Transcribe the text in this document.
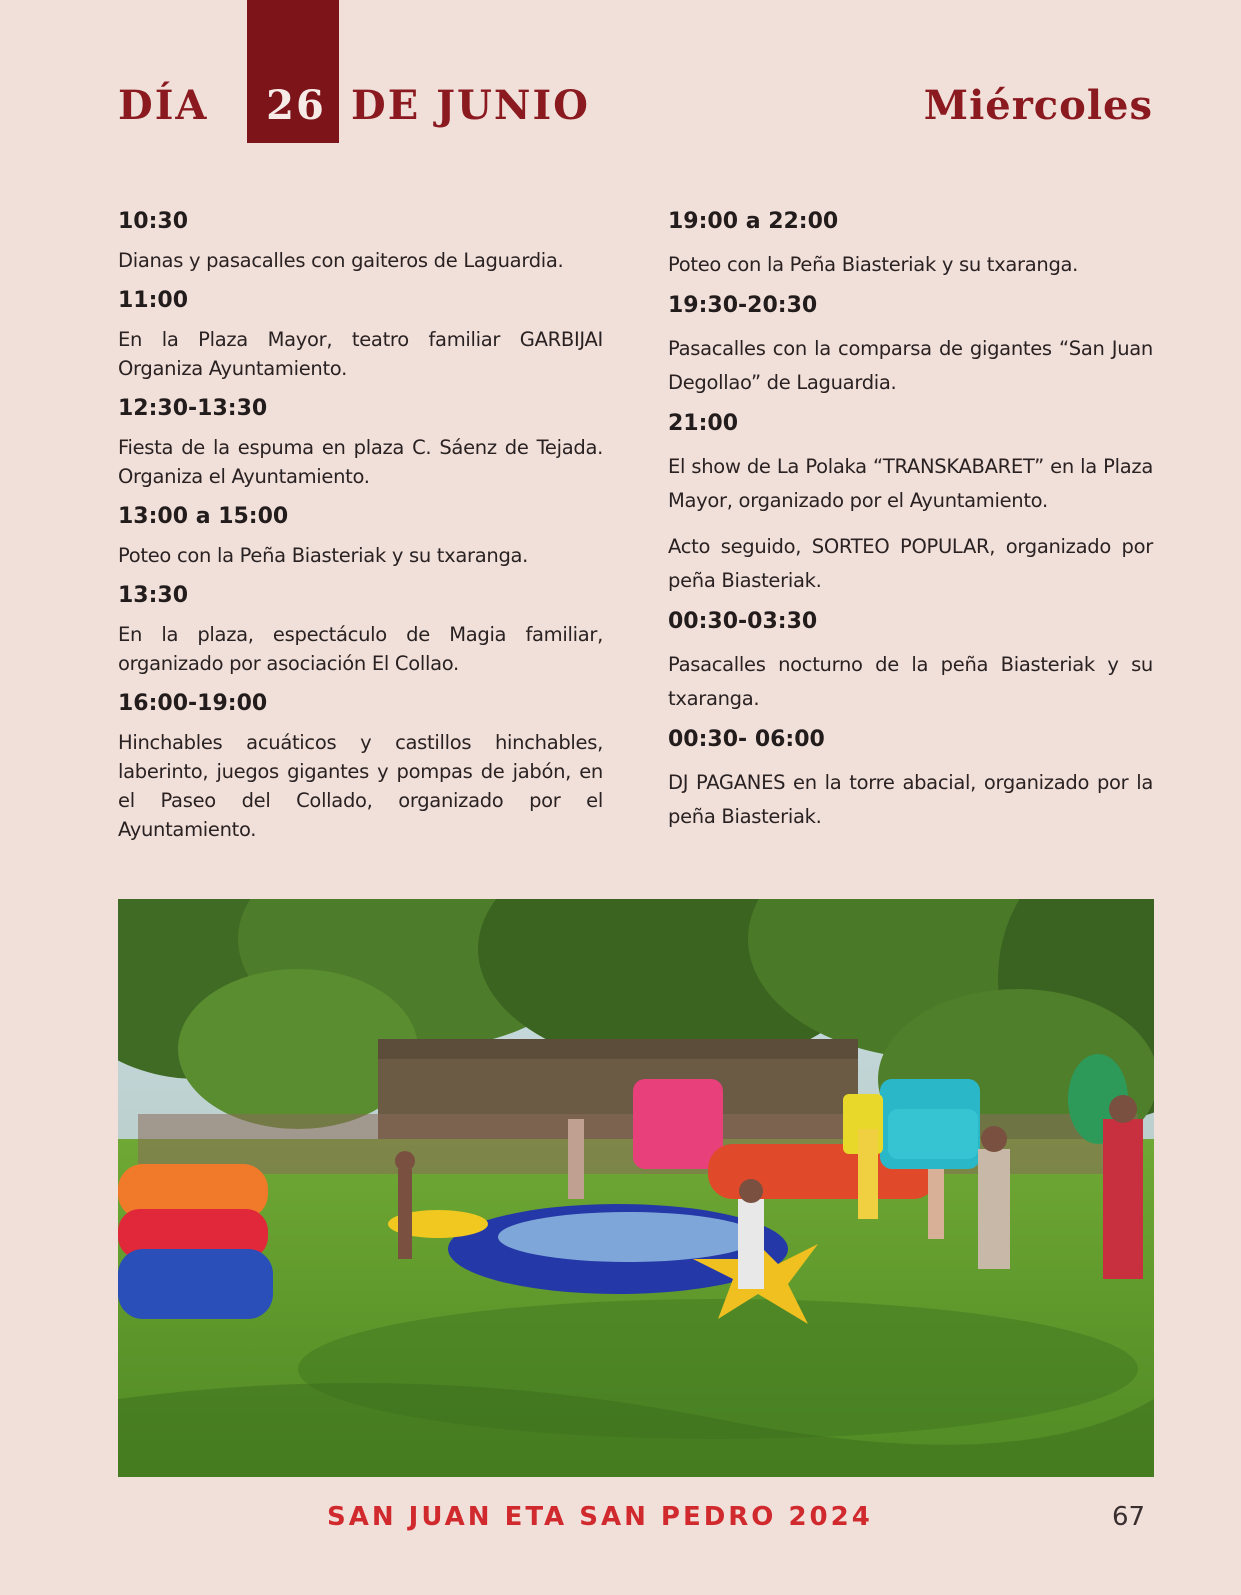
DÍA	26 DE JUNIO	Miércoles

10:30

Dianas y pasacalles con gaiteros de Laguardia.

11:00

En la Plaza Mayor, teatro familiar GARBIJAI Organiza Ayuntamiento.

12:30-13:30

Fiesta de la espuma en plaza C. Sáenz de Tejada. Organiza el Ayuntamiento.

13:00 a 15:00

Poteo con la Peña Biasteriak y su txaranga.

13:30

En la plaza, espectáculo de Magia familiar, organizado por asociación El Collao.

16:00-19:00

Hinchables acuáticos y castillos hinchables, laberinto, juegos gigantes y pompas de jabón, en el Paseo del Collado, organizado por el Ayuntamiento.

19:00 a 22:00

Poteo con la Peña Biasteriak y su txaranga.

19:30-20:30

Pasacalles con la comparsa de gigantes “San Juan Degollao” de Laguardia.

21:00

El show de La Polaka “TRANSKABARET” en la Plaza Mayor, organizado por el Ayuntamiento.

Acto seguido, SORTEO POPULAR, organizado por peña Biasteriak.

00:30-03:30

Pasacalles nocturno de la peña Biasteriak y su txaranga.

00:30- 06:00

DJ PAGANES en la torre abacial, organizado por la peña Biasteriak.

SAN JUAN ETA SAN PEDRO 2024	67
